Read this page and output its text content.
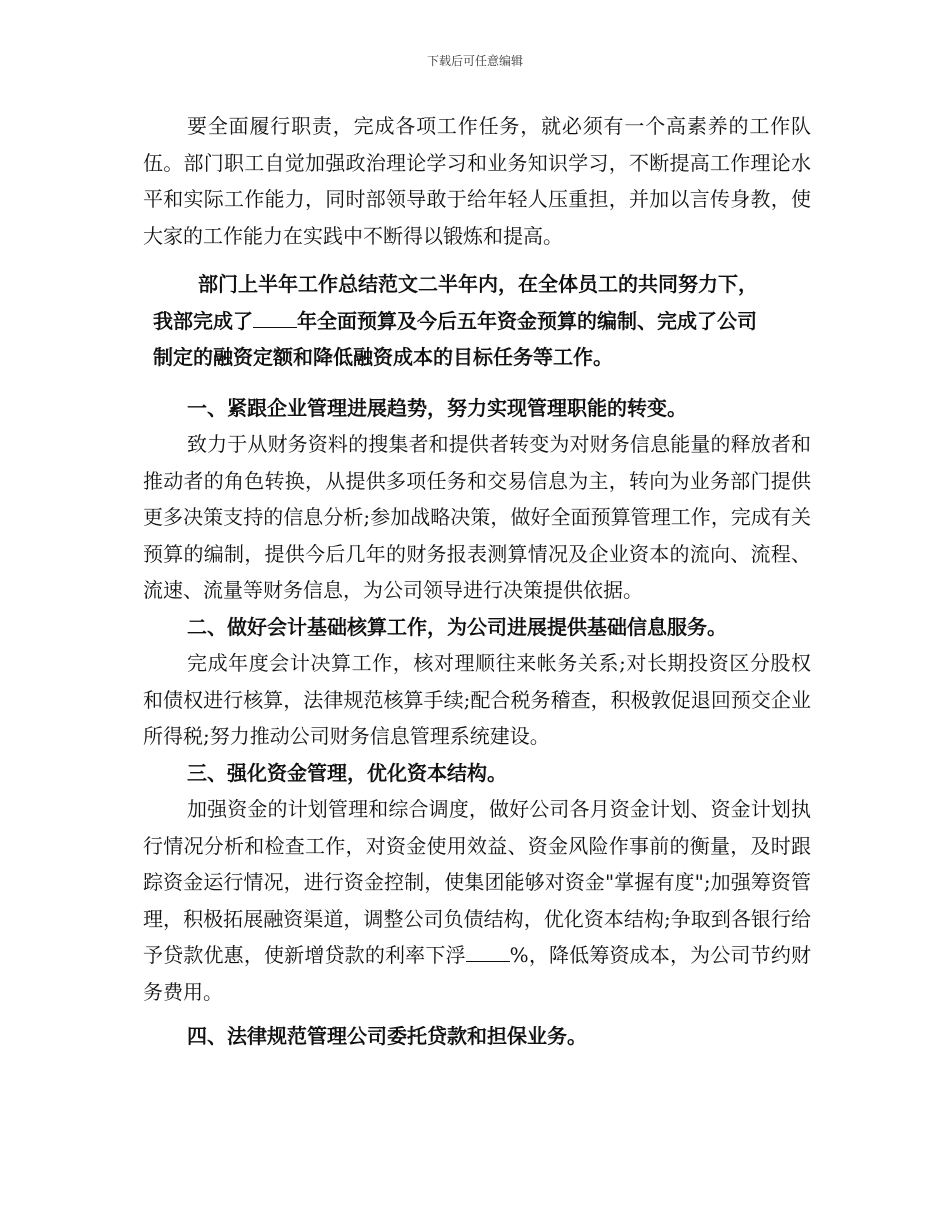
下载后可任意编辑

要全面履行职责，完成各项工作任务，就必须有一个高素养的工作队伍。部门职工自觉加强政治理论学习和业务知识学习，不断提高工作理论水平和实际工作能力，同时部领导敢于给年轻人压重担，并加以言传身教，使大家的工作能力在实践中不断得以锻炼和提高。

部门上半年工作总结范文二半年内，在全体员工的共同努力下，
我部完成了 年全面预算及今后五年资金预算的编制、完成了公司
制定的融资定额和降低融资成本的目标任务等工作。

一、紧跟企业管理进展趋势，努力实现管理职能的转变。

致力于从财务资料的搜集者和提供者转变为对财务信息能量的释放者和推动者的角色转换，从提供多项任务和交易信息为主，转向为业务部门提供更多决策支持的信息分析;参加战略决策，做好全面预算管理工作，完成有关预算的编制，提供今后几年的财务报表测算情况及企业资本的流向、流程、流速、流量等财务信息，为公司领导进行决策提供依据。

二、做好会计基础核算工作，为公司进展提供基础信息服务。

完成年度会计决算工作，核对理顺往来帐务关系;对长期投资区分股权和债权进行核算，法律规范核算手续;配合税务稽查，积极敦促退回预交企业所得税;努力推动公司财务信息管理系统建设。

三、强化资金管理，优化资本结构。

加强资金的计划管理和综合调度，做好公司各月资金计划、资金计划执行情况分析和检查工作，对资金使用效益、资金风险作事前的衡量，及时跟踪资金运行情况，进行资金控制，使集团能够对资金"掌握有度";加强筹资管理，积极拓展融资渠道，调整公司负债结构，优化资本结构;争取到各银行给予贷款优惠，使新增贷款的利率下浮 %，降低筹资成本，为公司节约财务费用。

四、法律规范管理公司委托贷款和担保业务。
